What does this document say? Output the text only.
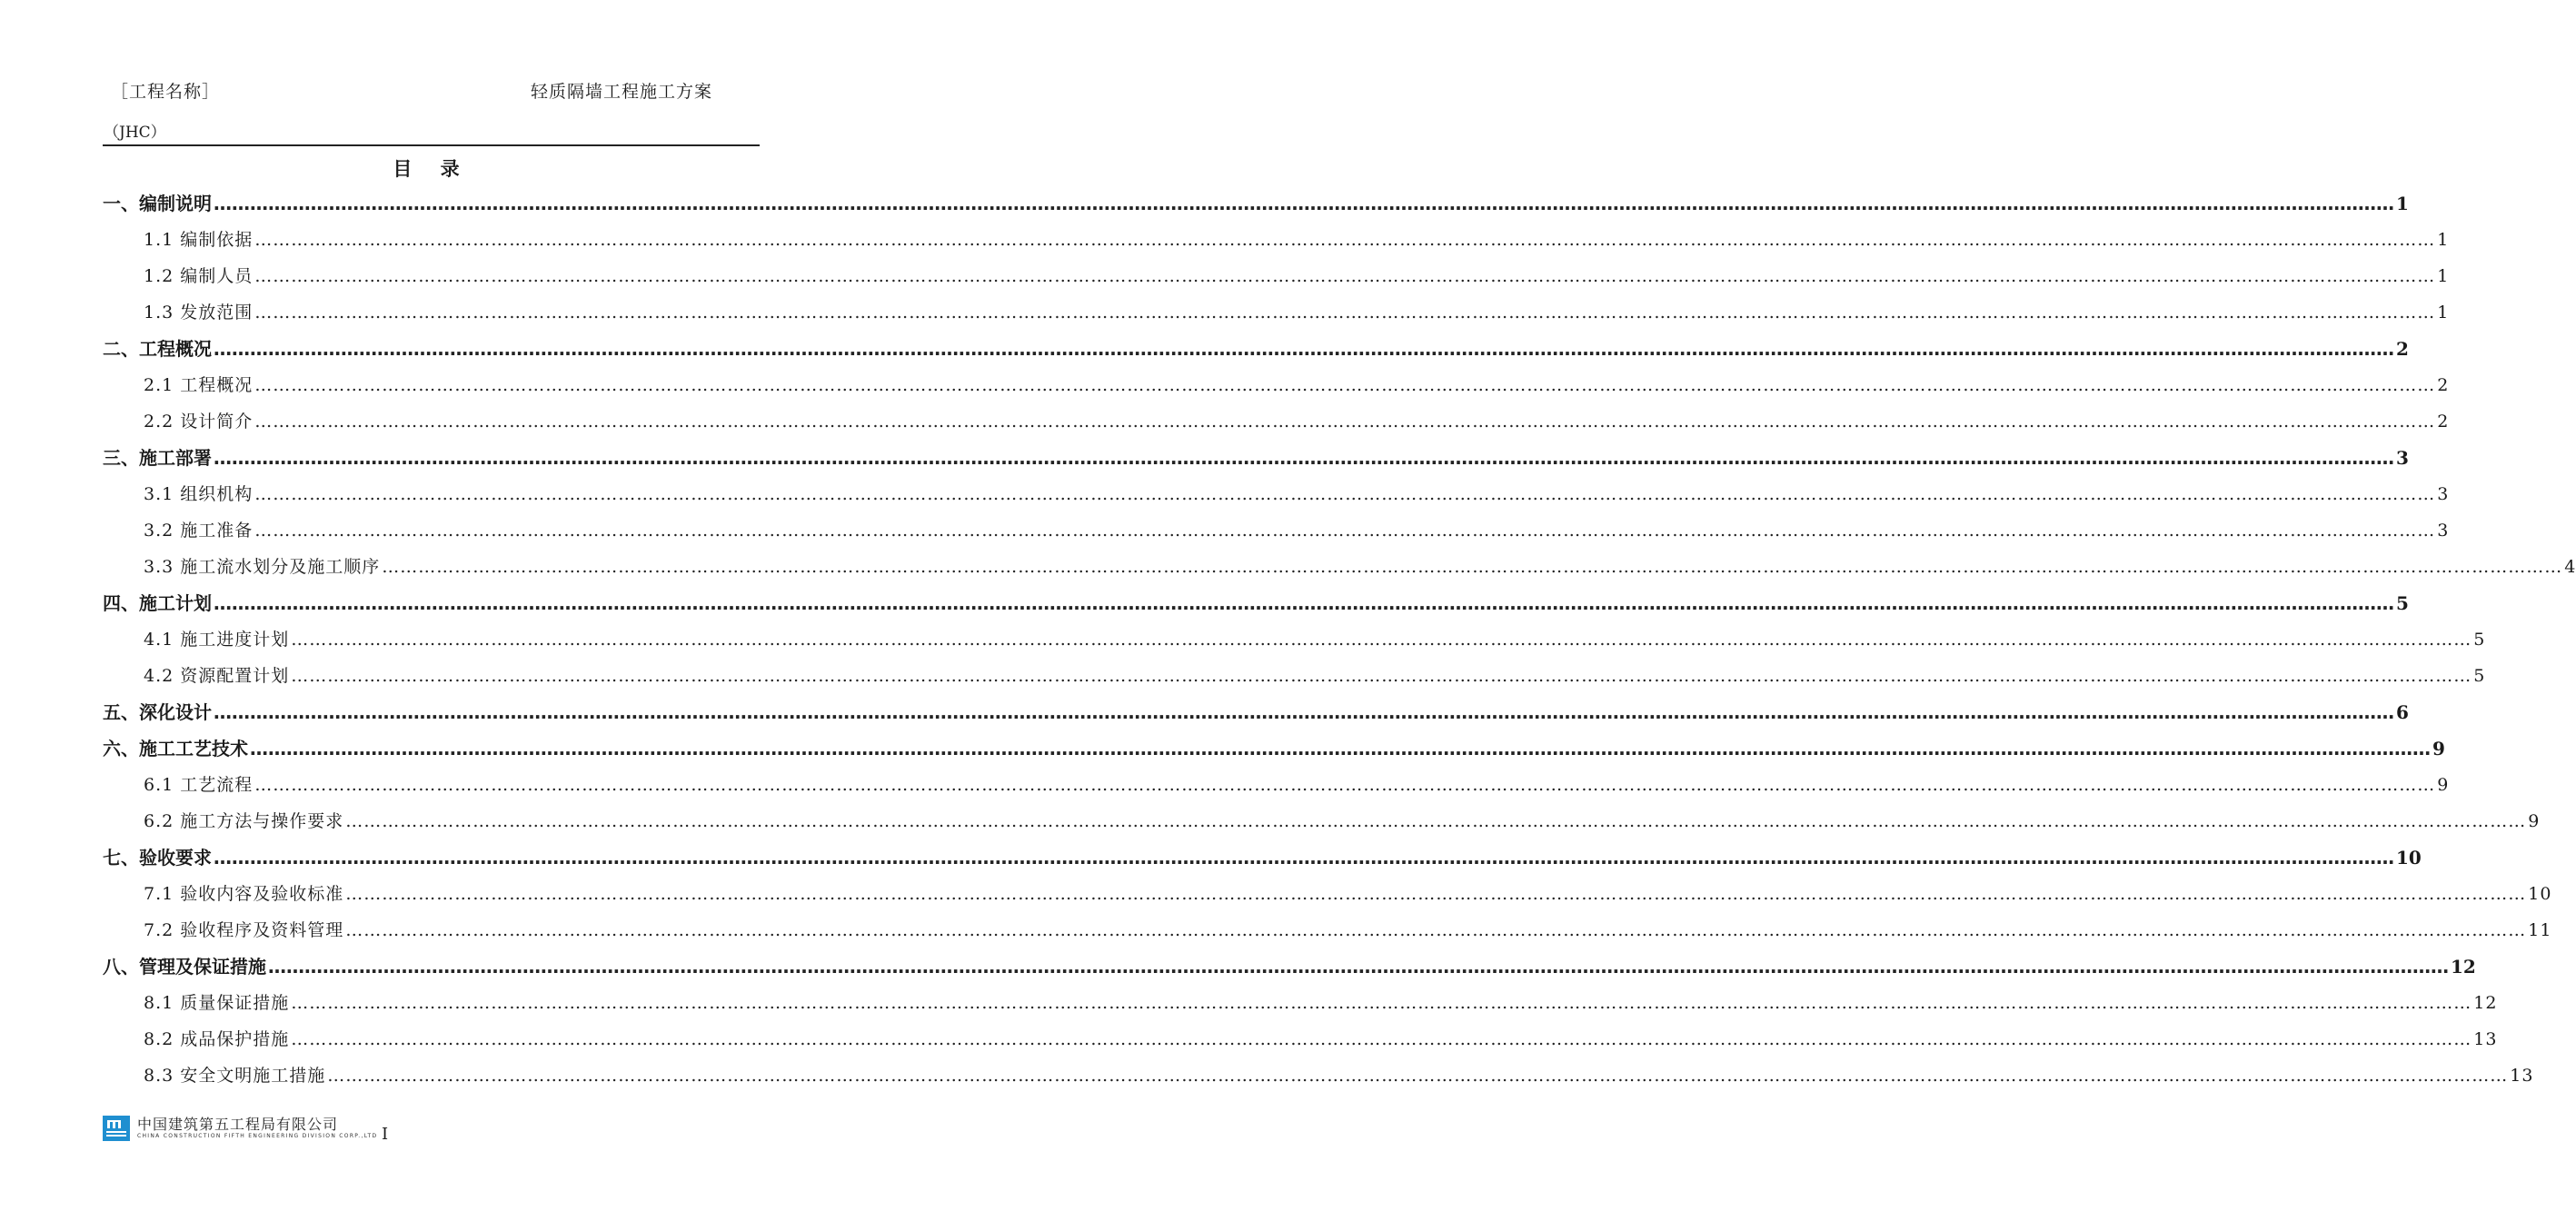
［工程名称］	轻质隔墙工程施工方案
（JHC）
目 录
一、编制说明 ……………………………………………………………………………………………………………………………………………………………………………………………………………………………………………………………………………………………………………………………… 1
1.1 编制依据 ……………………………………………………………………………………………………………………………………………………………………………………………………………………………………………………………………………………………………………………………… 1
1.2 编制人员 ……………………………………………………………………………………………………………………………………………………………………………………………………………………………………………………………………………………………………………………………… 1
1.3 发放范围 ……………………………………………………………………………………………………………………………………………………………………………………………………………………………………………………………………………………………………………………………… 1
二、工程概况 ……………………………………………………………………………………………………………………………………………………………………………………………………………………………………………………………………………………………………………………………… 2
2.1 工程概况 ……………………………………………………………………………………………………………………………………………………………………………………………………………………………………………………………………………………………………………………………… 2
2.2 设计简介 ……………………………………………………………………………………………………………………………………………………………………………………………………………………………………………………………………………………………………………………………… 2
三、施工部署 ……………………………………………………………………………………………………………………………………………………………………………………………………………………………………………………………………………………………………………………………… 3
3.1 组织机构 ……………………………………………………………………………………………………………………………………………………………………………………………………………………………………………………………………………………………………………………………… 3
3.2 施工准备 ……………………………………………………………………………………………………………………………………………………………………………………………………………………………………………………………………………………………………………………………… 3
3.3 施工流水划分及施工顺序 ……………………………………………………………………………………………………………………………………………………………………………………………………………………………………………………………………………………………………………………………… 4
四、施工计划 ……………………………………………………………………………………………………………………………………………………………………………………………………………………………………………………………………………………………………………………………… 5
4.1 施工进度计划 ……………………………………………………………………………………………………………………………………………………………………………………………………………………………………………………………………………………………………………………………… 5
4.2 资源配置计划 ……………………………………………………………………………………………………………………………………………………………………………………………………………………………………………………………………………………………………………………………… 5
五、深化设计 ……………………………………………………………………………………………………………………………………………………………………………………………………………………………………………………………………………………………………………………………… 6
六、施工工艺技术 ……………………………………………………………………………………………………………………………………………………………………………………………………………………………………………………………………………………………………………………………… 9
6.1 工艺流程 ……………………………………………………………………………………………………………………………………………………………………………………………………………………………………………………………………………………………………………………………… 9
6.2 施工方法与操作要求 ……………………………………………………………………………………………………………………………………………………………………………………………………………………………………………………………………………………………………………………………… 9
七、验收要求 ……………………………………………………………………………………………………………………………………………………………………………………………………………………………………………………………………………………………………………………………… 10
7.1 验收内容及验收标准 ……………………………………………………………………………………………………………………………………………………………………………………………………………………………………………………………………………………………………………………………… 10
7.2 验收程序及资料管理 ……………………………………………………………………………………………………………………………………………………………………………………………………………………………………………………………………………………………………………………………… 11
八、管理及保证措施 ……………………………………………………………………………………………………………………………………………………………………………………………………………………………………………………………………………………………………………………………… 12
8.1 质量保证措施 ……………………………………………………………………………………………………………………………………………………………………………………………………………………………………………………………………………………………………………………………… 12
8.2 成品保护措施 ……………………………………………………………………………………………………………………………………………………………………………………………………………………………………………………………………………………………………………………………… 13
8.3 安全文明施工措施 ……………………………………………………………………………………………………………………………………………………………………………………………………………………………………………………………………………………………………………………………… 13
中国建筑第五工程局有限公司
CHINA CONSTRUCTION FIFTH ENGINEERING DIVISION CORP.,LTD I
